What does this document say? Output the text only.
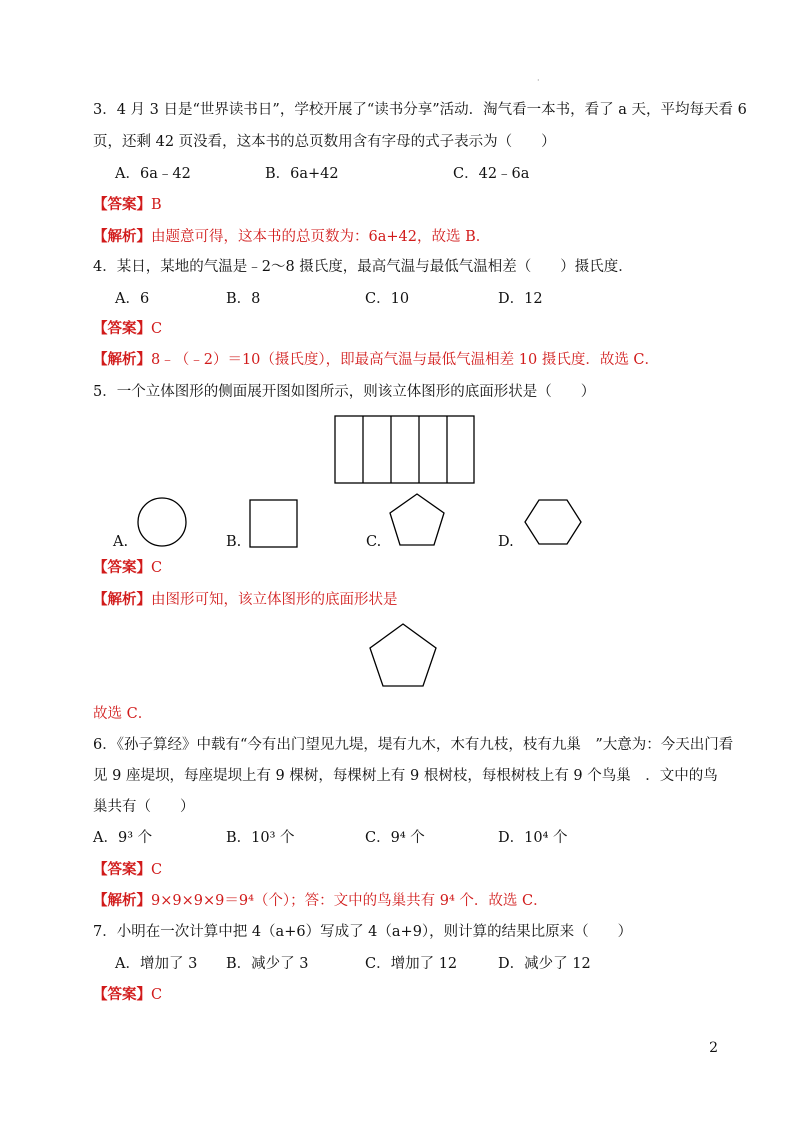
·
3．4 月 3 日是“世界读书日”，学校开展了“读书分享”活动．淘气看一本书，看了 a 天，平均每天看 6
页，还剩 42 页没看，这本书的总页数用含有字母的式子表示为（　　）
A．6a﹣42	B．6a+42	C．42﹣6a
【答案】B
【解析】由题意可得，这本书的总页数为：6a+42，故选 B．
4．某日，某地的气温是﹣2～8 摄氏度，最高气温与最低气温相差（　　）摄氏度．
A．6	B．8	C．10	D．12
【答案】C
【解析】8﹣（﹣2）＝10（摄氏度），即最高气温与最低气温相差 10 摄氏度．故选 C．
5．一个立体图形的侧面展开图如图所示，则该立体图形的底面形状是（　　）
A.	B.	C.	D.
【答案】C
【解析】由图形可知，该立体图形的底面形状是
故选 C．
6．《孙子算经》中载有“今有出门望见九堤，堤有九木，木有九枝，枝有九巢　”大意为：今天出门看
见 9 座堤坝，每座堤坝上有 9 棵树，每棵树上有 9 根树枝，每根树枝上有 9 个鸟巢　．文中的鸟
巢共有（　　）
A．9³ 个	B．10³ 个	C．9⁴ 个	D．10⁴ 个
【答案】C
【解析】9×9×9×9＝9⁴（个）；答：文中的鸟巢共有 9⁴ 个．故选 C．
7．小明在一次计算中把 4（a+6）写成了 4（a+9），则计算的结果比原来（　　）
A．增加了 3 B．减少了 3	C．增加了 12	D．减少了 12
【答案】C
2
